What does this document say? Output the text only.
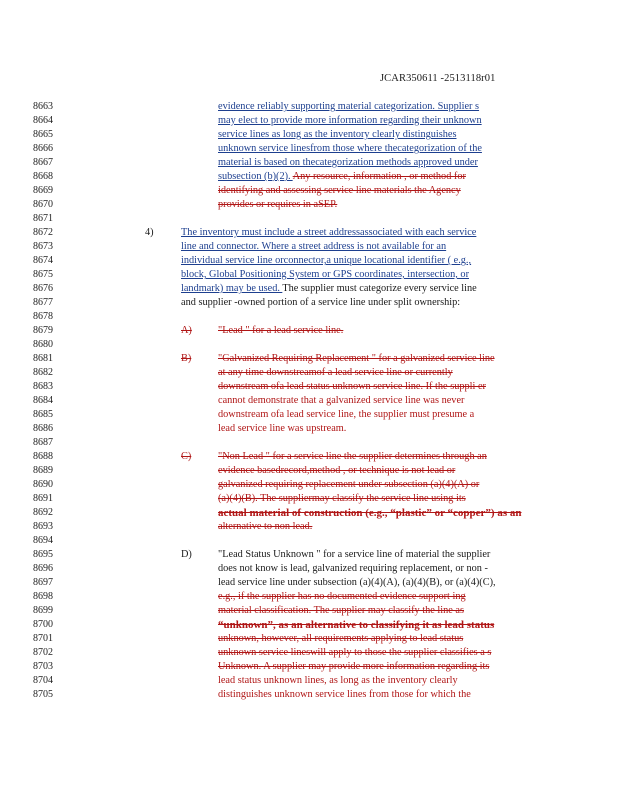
JCAR350611 -2513118r01
8663
8664
8665
8666
8667
8668
8669
8670
8671
8672
8673
8674
8675
8676
8677
8678
8679
8680
8681
8682
8683
8684
8685
8686
8687
8688
8689
8690
8691
8692
8693
8694
8695
8696
8697
8698
8699
8700
8701
8702
8703
8704
8705
evidence reliably supporting material categorization. Supplier s
may elect to provide more information regarding their unknown
service lines as long as the inventory clearly distinguishes
unknown service linesfrom those where thecategorization of the
material is based on thecategorization methods approved under
subsection (b)(2). Any resource, information , or method for
identifying and assessing service line materials the Agency
provides or requires in aSEP.
4)	The inventory must include a street addressassociated with each service
line and connector. Where a street address is not available for an
individual service line orconnector,a unique locational identifier ( e.g.,
block, Global Positioning System or GPS coordinates, intersection, or
landmark) may be used. The supplier must categorize every service line
and supplier -owned portion of a service line under split ownership:
A)	"Lead " for a lead service line.
B)	"Galvanized Requiring Replacement " for a galvanized service line
at any time downstreamof a lead service line or currently
downstream ofa lead status unknown service line. If the suppli er
cannot demonstrate that a galvanized service line was never
downstream ofa lead service line, the supplier must presume a
lead service line was upstream.
C)	"Non Lead " for a service line the supplier determines through an
evidence basedrecord,method , or technique is not lead or
galvanized requiring replacement under subsection (a)(4)(A) or
(a)(4)(B). The suppliermay classify the service line using its
actual material of construction (e.g., “plastic” or “copper”) as an
alternative to non lead.
D)	"Lead Status Unknown " for a service line of material the supplier
does not know is lead, galvanized requiring replacement, or non -
lead service line under subsection (a)(4)(A), (a)(4)(B), or (a)(4)(C),
e.g., if the supplier has no documented evidence support ing
material classification. The supplier may classify the line as
“unknown”, as an alternative to classifying it as lead status
unknown, however, all requirements applying to lead status
unknown service lineswill apply to those the supplier classifies a s
Unknown. A supplier may provide more information regarding its
lead status unknown lines, as long as the inventory clearly
distinguishes unknown service lines from those for which the
